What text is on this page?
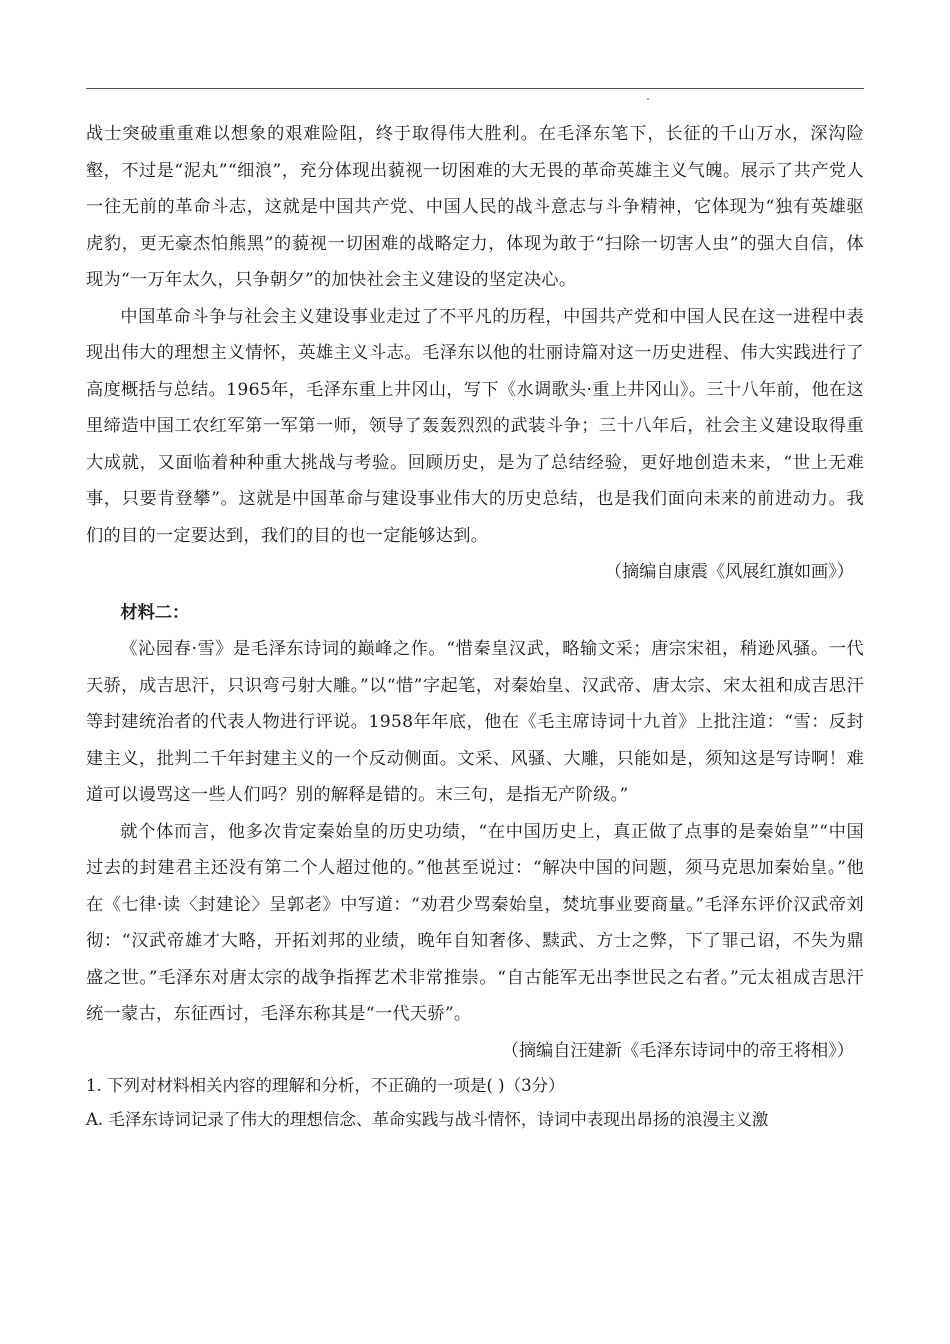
战士突破重重难以想象的艰难险阻，终于取得伟大胜利。在毛泽东笔下，长征的千山万水，深沟险壑，不过是“泥丸”“细浪”，充分体现出藐视一切困难的大无畏的革命英雄主义气魄。展示了共产党人一往无前的革命斗志，这就是中国共产党、中国人民的战斗意志与斗争精神，它体现为“独有英雄驱虎豹，更无豪杰怕熊黑”的藐视一切困难的战略定力，体现为敢于“扫除一切害人虫”的强大自信，体现为“一万年太久，只争朝夕”的加快社会主义建设的坚定决心。

中国革命斗争与社会主义建设事业走过了不平凡的历程，中国共产党和中国人民在这一进程中表现出伟大的理想主义情怀，英雄主义斗志。毛泽东以他的壮丽诗篇对这一历史进程、伟大实践进行了高度概括与总结。1965年，毛泽东重上井冈山，写下《水调歌头·重上井冈山》。三十八年前，他在这里缔造中国工农红军第一军第一师，领导了轰轰烈烈的武装斗争；三十八年后，社会主义建设取得重大成就，又面临着种种重大挑战与考验。回顾历史，是为了总结经验，更好地创造未来，“世上无难事，只要肯登攀”。这就是中国革命与建设事业伟大的历史总结，也是我们面向未来的前进动力。我们的目的一定要达到，我们的目的也一定能够达到。

（摘编自康震《风展红旗如画》）

材料二：

《沁园春·雪》是毛泽东诗词的巅峰之作。“惜秦皇汉武，略输文采；唐宗宋祖，稍逊风骚。一代天骄，成吉思汗，只识弯弓射大雕。”以“惜”字起笔，对秦始皇、汉武帝、唐太宗、宋太祖和成吉思汗等封建统治者的代表人物进行评说。1958年年底，他在《毛主席诗词十九首》上批注道：“雪：反封建主义，批判二千年封建主义的一个反动侧面。文采、风骚、大雕，只能如是，须知这是写诗啊！难道可以谩骂这一些人们吗？别的解释是错的。末三句，是指无产阶级。”

就个体而言，他多次肯定秦始皇的历史功绩，“在中国历史上，真正做了点事的是秦始皇”“中国过去的封建君主还没有第二个人超过他的。”他甚至说过：“解决中国的问题，须马克思加秦始皇。”他在《七律·读〈封建论〉呈郭老》中写道：“劝君少骂秦始皇，焚坑事业要商量。”毛泽东评价汉武帝刘彻：“汉武帝雄才大略，开拓刘邦的业绩，晚年自知奢侈、黩武、方士之弊，下了罪己诏，不失为鼎盛之世。”毛泽东对唐太宗的战争指挥艺术非常推崇。“自古能军无出李世民之右者。”元太祖成吉思汗统一蒙古，东征西讨，毛泽东称其是“一代天骄”。

（摘编自汪建新《毛泽东诗词中的帝王将相》）

1. 下列对材料相关内容的理解和分析，不正确的一项是( )（3分）

A. 毛泽东诗词记录了伟大的理想信念、革命实践与战斗情怀，诗词中表现出昂扬的浪漫主义激
